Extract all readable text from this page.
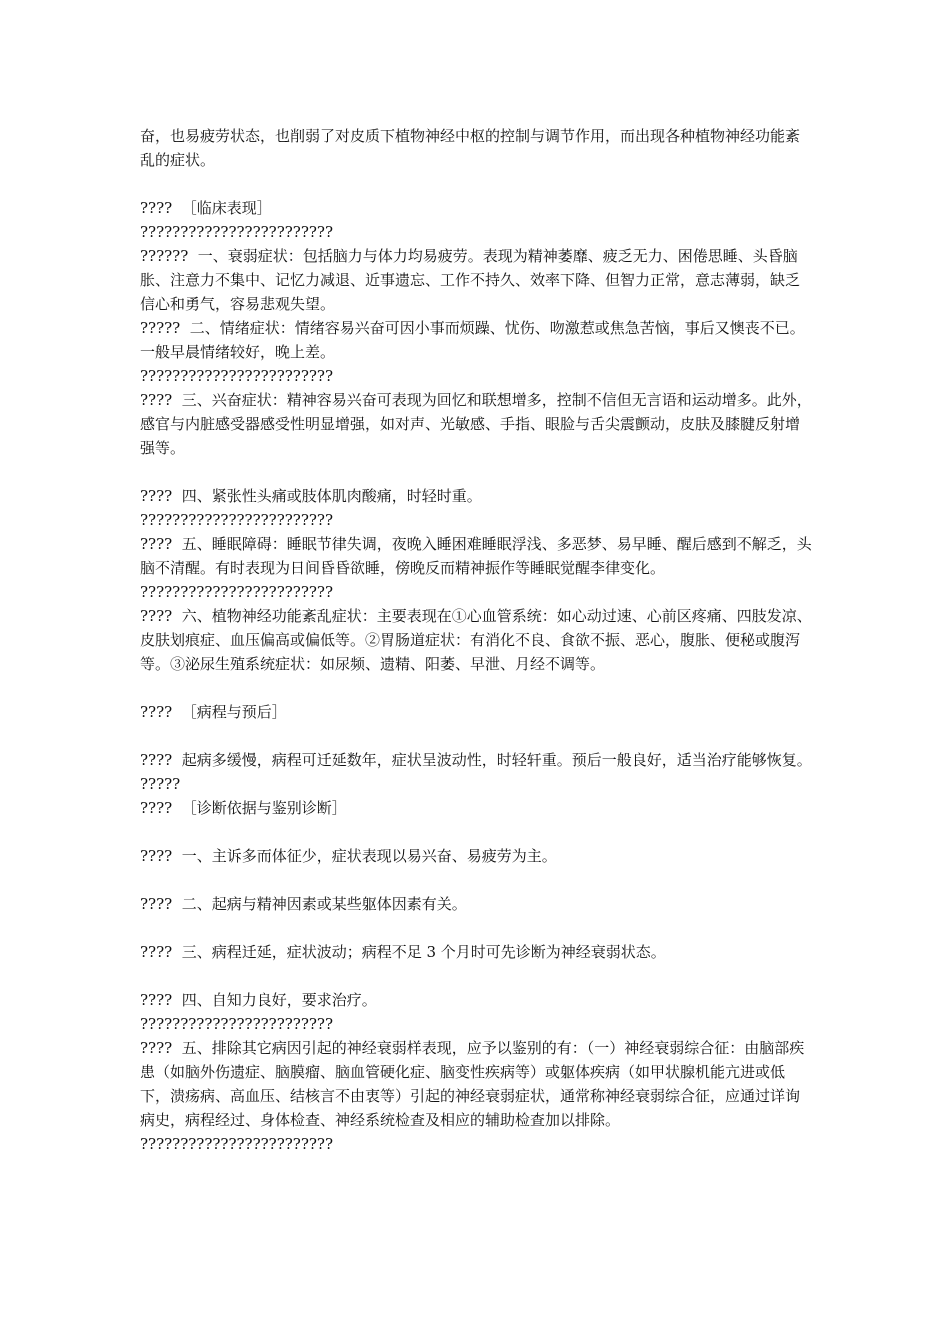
奋，也易疲劳状态，也削弱了对皮质下植物神经中枢的控制与调节作用，而出现各种植物神经功能紊乱的症状。
????  ［临床表现］
????????????????????????
??????  一、衰弱症状：包括脑力与体力均易疲劳。表现为精神萎靡、疲乏无力、困倦思睡、头昏脑胀、注意力不集中、记忆力减退、近事遗忘、工作不持久、效率下降、但智力正常，意志薄弱，缺乏信心和勇气，容易悲观失望。
?????  二、情绪症状：情绪容易兴奋可因小事而烦躁、忧伤、吻激惹或焦急苦恼，事后又懊丧不已。一般早晨情绪较好，晚上差。
????????????????????????
????  三、兴奋症状：精神容易兴奋可表现为回忆和联想增多，控制不信但无言语和运动增多。此外，感官与内脏感受器感受性明显增强，如对声、光敏感、手指、眼脸与舌尖震颤动，皮肤及膝腱反射增强等。
????  四、紧张性头痛或肢体肌肉酸痛，时轻时重。
????????????????????????
????  五、睡眠障碍：睡眠节律失调，夜晚入睡困难睡眠浮浅、多恶梦、易早睡、醒后感到不解乏，头脑不清醒。有时表现为日间昏昏欲睡，傍晚反而精神振作等睡眠觉醒李律变化。
????????????????????????
????  六、植物神经功能紊乱症状：主要表现在①心血管系统：如心动过速、心前区疼痛、四肢发凉、皮肤划痕症、血压偏高或偏低等。②胃肠道症状：有消化不良、食欲不振、恶心，腹胀、便秘或腹泻等。③泌尿生殖系统症状：如尿频、遗精、阳萎、早泄、月经不调等。
????  ［病程与预后］
????  起病多缓慢，病程可迁延数年，症状呈波动性，时轻轩重。预后一般良好，适当治疗能够恢复。
?????
????  ［诊断依据与鉴别诊断］
????  一、主诉多而体征少，症状表现以易兴奋、易疲劳为主。
????  二、起病与精神因素或某些躯体因素有关。
????  三、病程迁延，症状波动；病程不足 3 个月时可先诊断为神经衰弱状态。
????  四、自知力良好，要求治疗。
????????????????????????
????  五、排除其它病因引起的神经衰弱样表现，应予以鉴别的有：（一）神经衰弱综合征：由脑部疾患（如脑外伤遗症、脑膜瘤、脑血管硬化症、脑变性疾病等）或躯体疾病（如甲状腺机能亢进或低下，溃疡病、高血压、结核言不由衷等）引起的神经衰弱症状，通常称神经衰弱综合征，应通过详询病史，病程经过、身体检查、神经系统检查及相应的辅助检查加以排除。
????????????????????????
